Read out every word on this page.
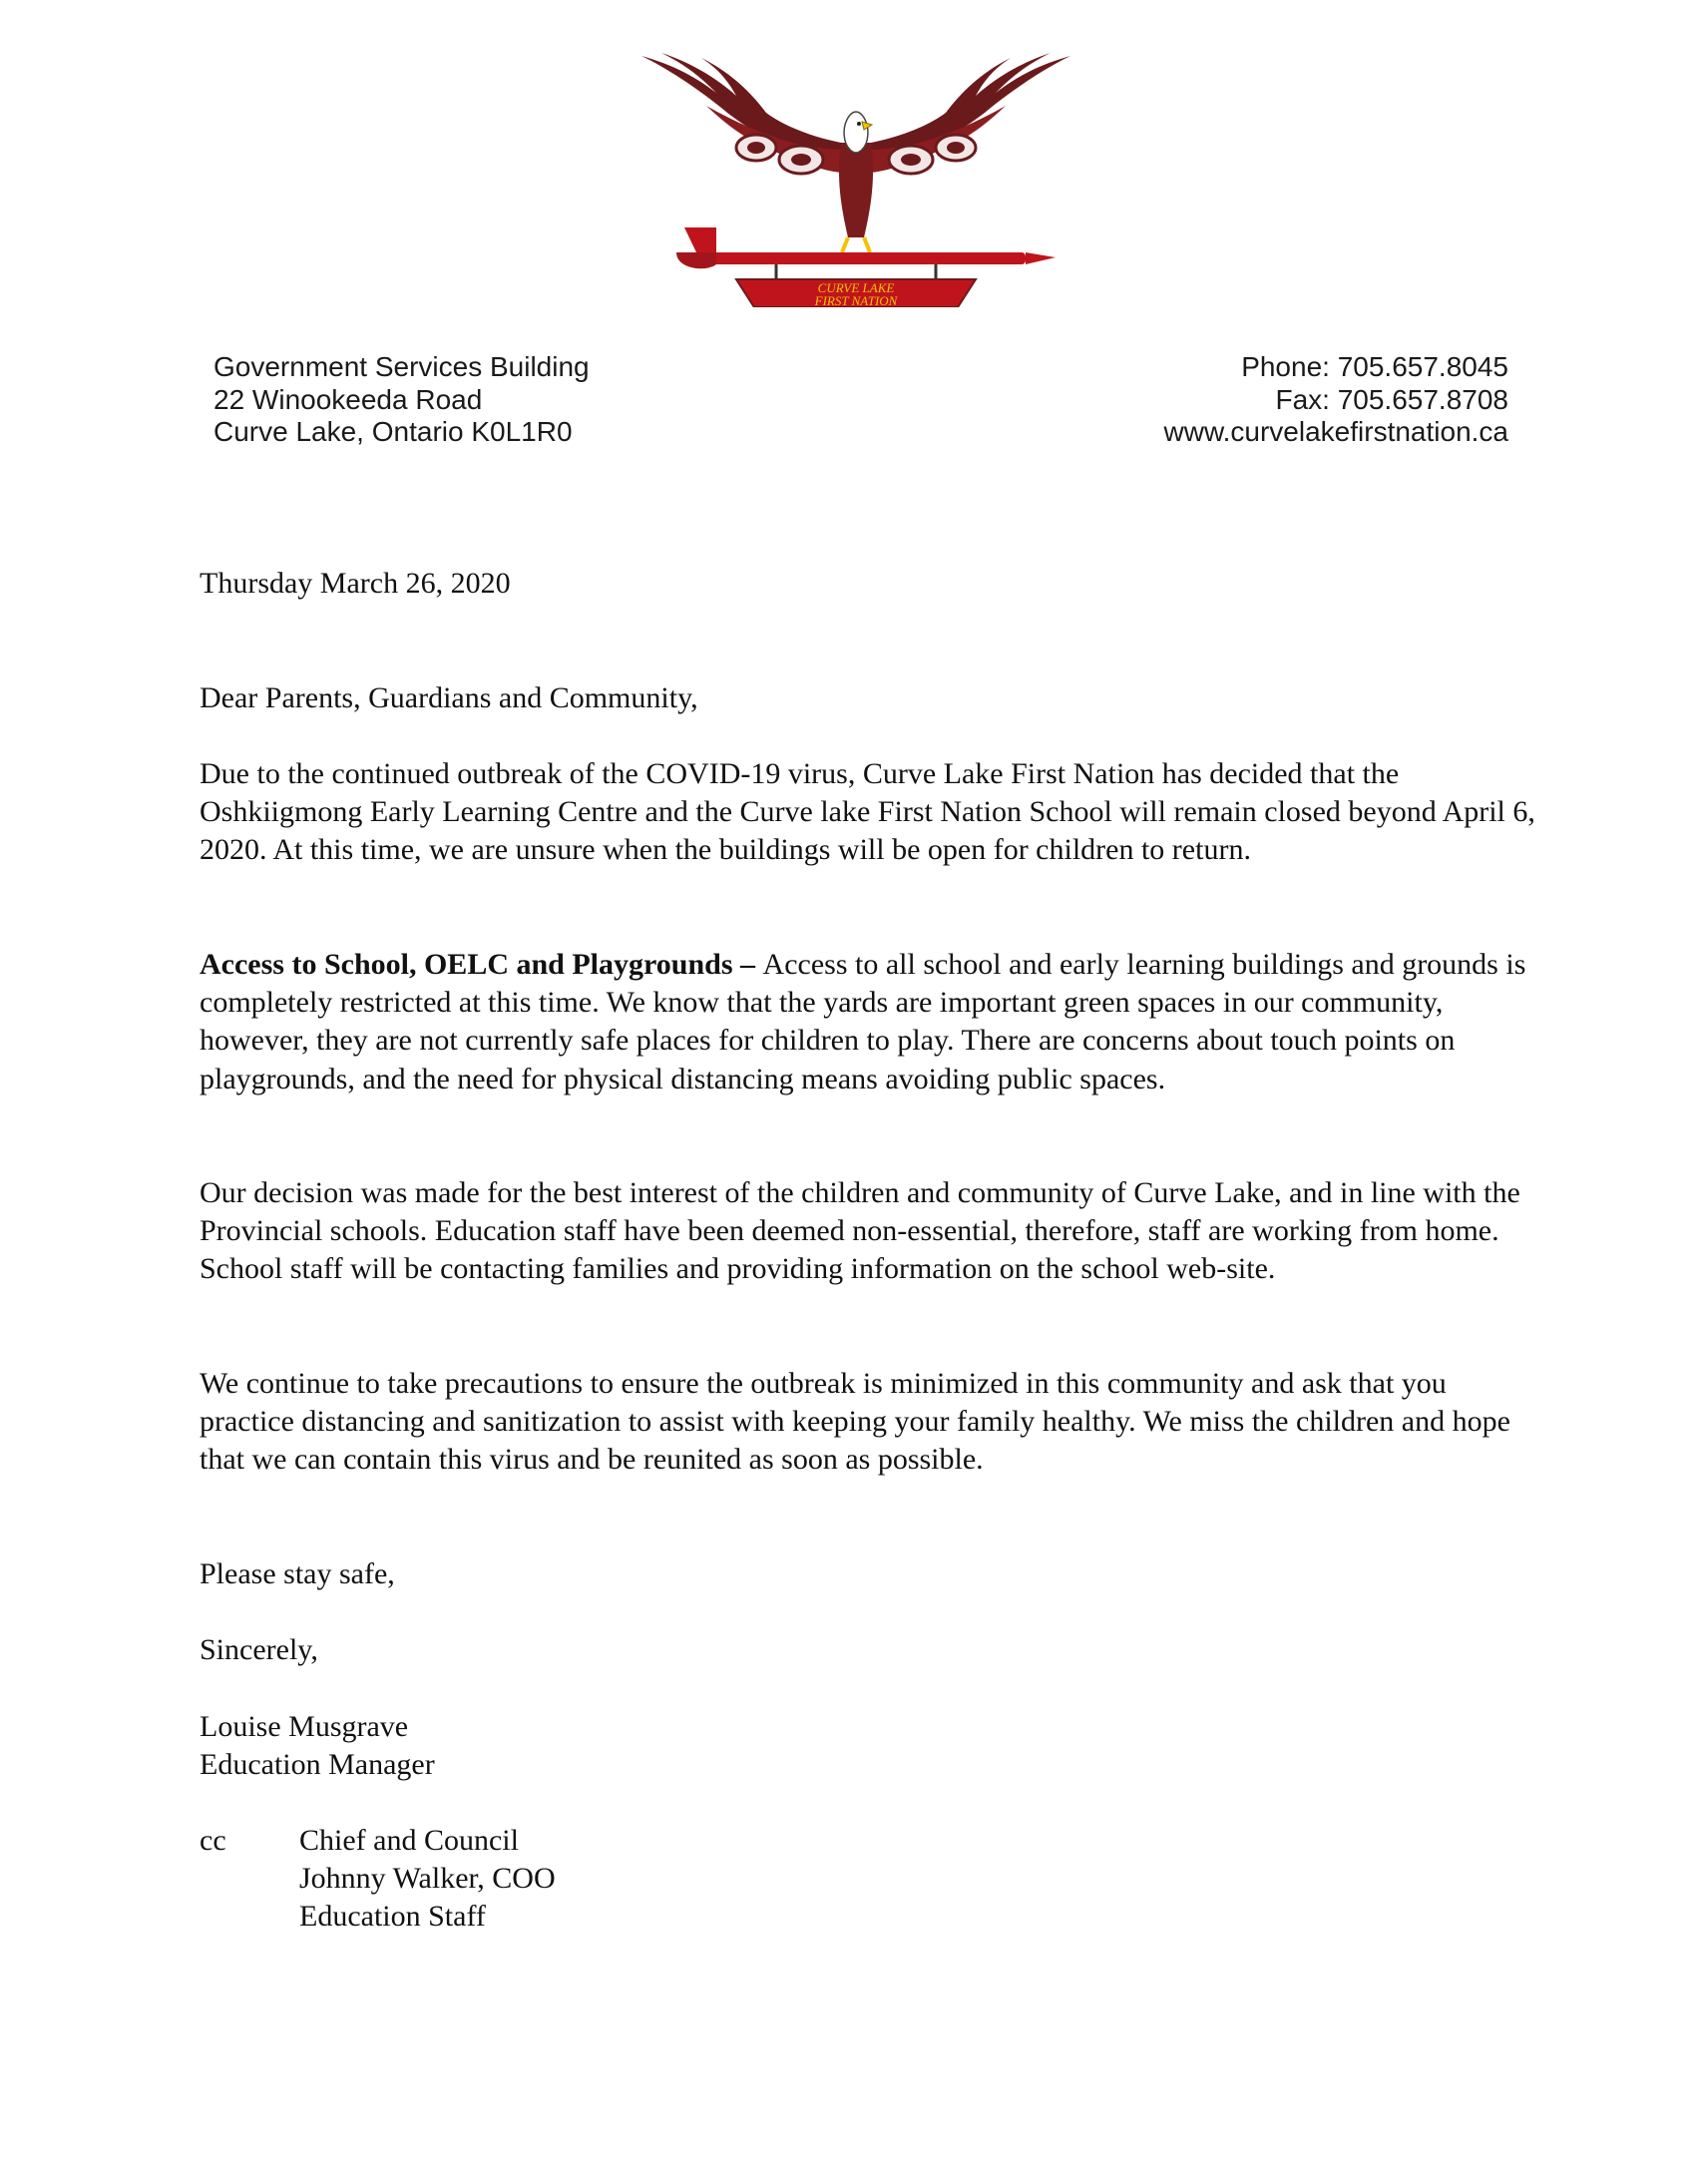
CURVE LAKE
FIRST NATION
Government Services Building
22 Winookeeda Road
Curve Lake, Ontario K0L1R0
Phone: 705.657.8045
Fax: 705.657.8708
www.curvelakefirstnation.ca
Thursday March 26, 2020
Dear Parents, Guardians and Community,
Due to the continued outbreak of the COVID-19 virus, Curve Lake First Nation has decided that the Oshkiigmong Early Learning Centre and the Curve lake First Nation School will remain closed beyond April 6, 2020. At this time, we are unsure when the buildings will be open for children to return.
Access to School, OELC and Playgrounds – Access to all school and early learning buildings and grounds is completely restricted at this time. We know that the yards are important green spaces in our community, however, they are not currently safe places for children to play. There are concerns about touch points on playgrounds, and the need for physical distancing means avoiding public spaces.
Our decision was made for the best interest of the children and community of Curve Lake, and in line with the Provincial schools. Education staff have been deemed non-essential, therefore, staff are working from home. School staff will be contacting families and providing information on the school web-site.
We continue to take precautions to ensure the outbreak is minimized in this community and ask that you practice distancing and sanitization to assist with keeping your family healthy. We miss the children and hope that we can contain this virus and be reunited as soon as possible.
Please stay safe,
Sincerely,
Louise Musgrave
Education Manager
cc Chief and Council
Johnny Walker, COO
Education Staff
